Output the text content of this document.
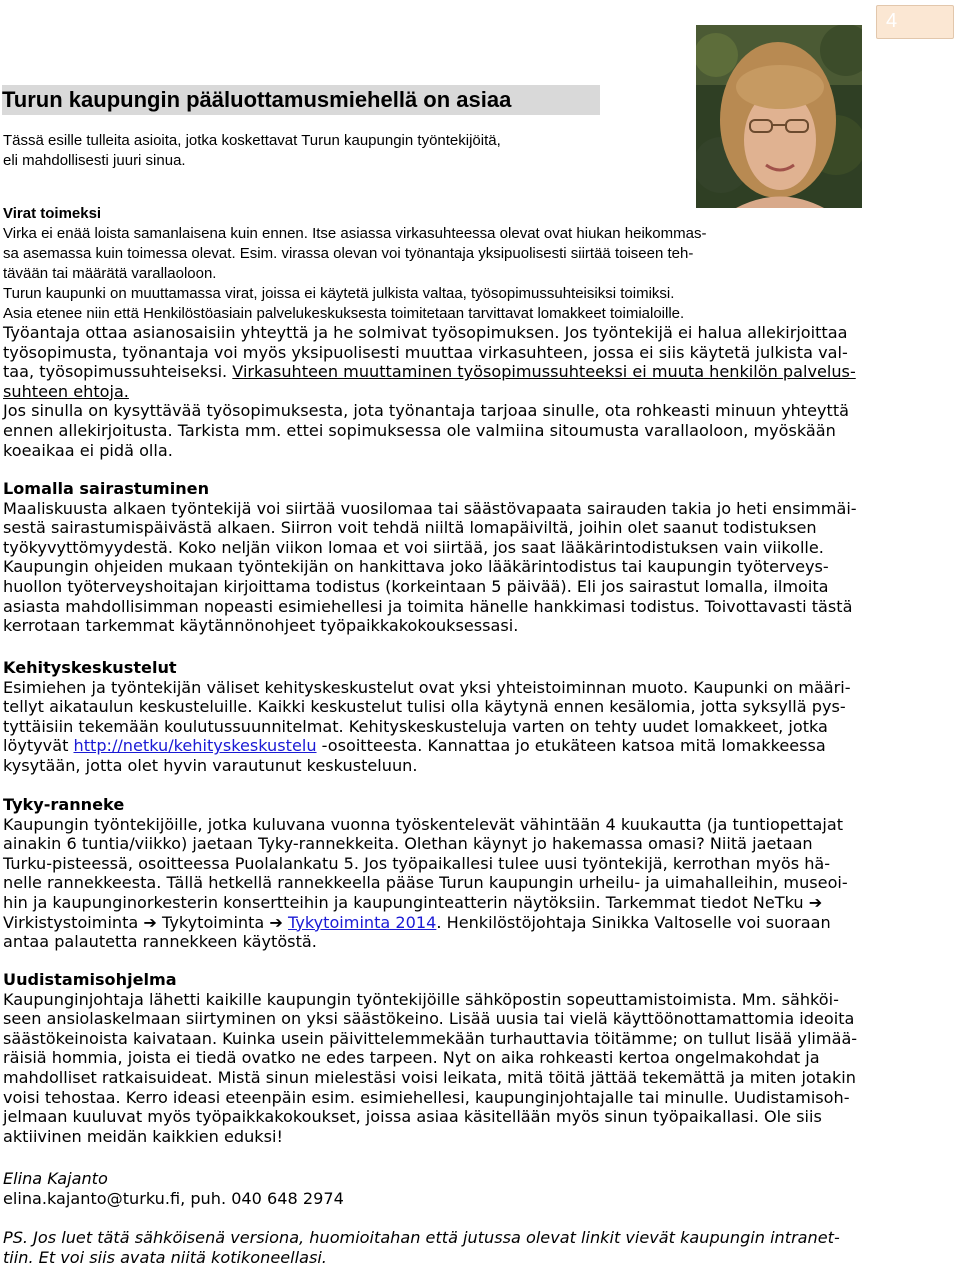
4
Turun kaupungin pääluottamusmiehellä on asiaa
Tässä esille tulleita asioita, jotka koskettavat Turun kaupungin työntekijöitä,
eli mahdollisesti juuri sinua.
Virat toimeksi
Virka ei enää loista samanlaisena kuin ennen. Itse asiassa virkasuhteessa olevat ovat hiukan heikommas-
sa asemassa kuin toimessa olevat. Esim. virassa olevan voi työnantaja yksipuolisesti siirtää toiseen teh-
tävään tai määrätä varallaoloon.
Turun kaupunki on muuttamassa virat, joissa ei käytetä julkista valtaa, työsopimussuhteisiksi toimiksi.
Asia etenee niin että Henkilöstöasiain palvelukeskuksesta toimitetaan tarvittavat lomakkeet toimialoille.
Työantaja ottaa asianosaisiin yhteyttä ja he solmivat työsopimuksen. Jos työntekijä ei halua allekirjoittaa
työsopimusta, työnantaja voi myös yksipuolisesti muuttaa virkasuhteen, jossa ei siis käytetä julkista val-
taa, työsopimussuhteiseksi. Virkasuhteen muuttaminen työsopimussuhteeksi ei muuta henkilön palvelus-
suhteen ehtoja.
Jos sinulla on kysyttävää työsopimuksesta, jota työnantaja tarjoaa sinulle, ota rohkeasti minuun yhteyttä
ennen allekirjoitusta. Tarkista mm. ettei sopimuksessa ole valmiina sitoumusta varallaoloon, myöskään
koeaikaa ei pidä olla.
Lomalla sairastuminen
Maaliskuusta alkaen työntekijä voi siirtää vuosilomaa tai säästövapaata sairauden takia jo heti ensimmäi-
sestä sairastumispäivästä alkaen. Siirron voit tehdä niiltä lomapäiviltä, joihin olet saanut todistuksen
työkyvyttömyydestä. Koko neljän viikon lomaa et voi siirtää, jos saat lääkärintodistuksen vain viikolle.
Kaupungin ohjeiden mukaan työntekijän on hankittava joko lääkärintodistus tai kaupungin työterveys-
huollon työterveyshoitajan kirjoittama todistus (korkeintaan 5 päivää). Eli jos sairastut lomalla, ilmoita
asiasta mahdollisimman nopeasti esimiehellesi ja toimita hänelle hankkimasi todistus. Toivottavasti tästä
kerrotaan tarkemmat käytännönohjeet työpaikkakokouksessasi.
Kehityskeskustelut
Esimiehen ja työntekijän väliset kehityskeskustelut ovat yksi yhteistoiminnan muoto. Kaupunki on määri-
tellyt aikataulun keskusteluille. Kaikki keskustelut tulisi olla käytynä ennen kesälomia, jotta syksyllä pys-
tyttäisiin tekemään koulutussuunnitelmat. Kehityskeskusteluja varten on tehty uudet lomakkeet, jotka
löytyvät http://netku/kehityskeskustelu -osoitteesta. Kannattaa jo etukäteen katsoa mitä lomakkeessa
kysytään, jotta olet hyvin varautunut keskusteluun.
Tyky-ranneke
Kaupungin työntekijöille, jotka kuluvana vuonna työskentelevät vähintään 4 kuukautta (ja tuntiopettajat
ainakin 6 tuntia/viikko) jaetaan Tyky-rannekkeita. Olethan käynyt jo hakemassa omasi? Niitä jaetaan
Turku-pisteessä, osoitteessa Puolalankatu 5. Jos työpaikallesi tulee uusi työntekijä, kerrothan myös hä-
nelle rannekkeesta. Tällä hetkellä rannekkeella pääse Turun kaupungin urheilu- ja uimahalleihin, museoi-
hin ja kaupunginorkesterin konsertteihin ja kaupunginteatterin näytöksiin. Tarkemmat tiedot NeTku ➔
Virkistystoiminta ➔ Tykytoiminta ➔ Tykytoiminta 2014. Henkilöstöjohtaja Sinikka Valtoselle voi suoraan
antaa palautetta rannekkeen käytöstä.
Uudistamisohjelma
Kaupunginjohtaja lähetti kaikille kaupungin työntekijöille sähköpostin sopeuttamistoimista. Mm. sähköi-
seen ansiolaskelmaan siirtyminen on yksi säästökeino. Lisää uusia tai vielä käyttöönottamattomia ideoita
säästökeinoista kaivataan. Kuinka usein päivittelemmekään turhauttavia töitämme; on tullut lisää ylimää-
räisiä hommia, joista ei tiedä ovatko ne edes tarpeen. Nyt on aika rohkeasti kertoa ongelmakohdat ja
mahdolliset ratkaisuideat. Mistä sinun mielestäsi voisi leikata, mitä töitä jättää tekemättä ja miten jotakin
voisi tehostaa. Kerro ideasi eteenpäin esim. esimiehellesi, kaupunginjohtajalle tai minulle. Uudistamisoh-
jelmaan kuuluvat myös työpaikkakokoukset, joissa asiaa käsitellään myös sinun työpaikallasi. Ole siis
aktiivinen meidän kaikkien eduksi!
Elina Kajanto
elina.kajanto@turku.fi, puh. 040 648 2974
PS. Jos luet tätä sähköisenä versiona, huomioitahan että jutussa olevat linkit vievät kaupungin intranet-
tiin. Et voi siis avata niitä kotikoneellasi.
